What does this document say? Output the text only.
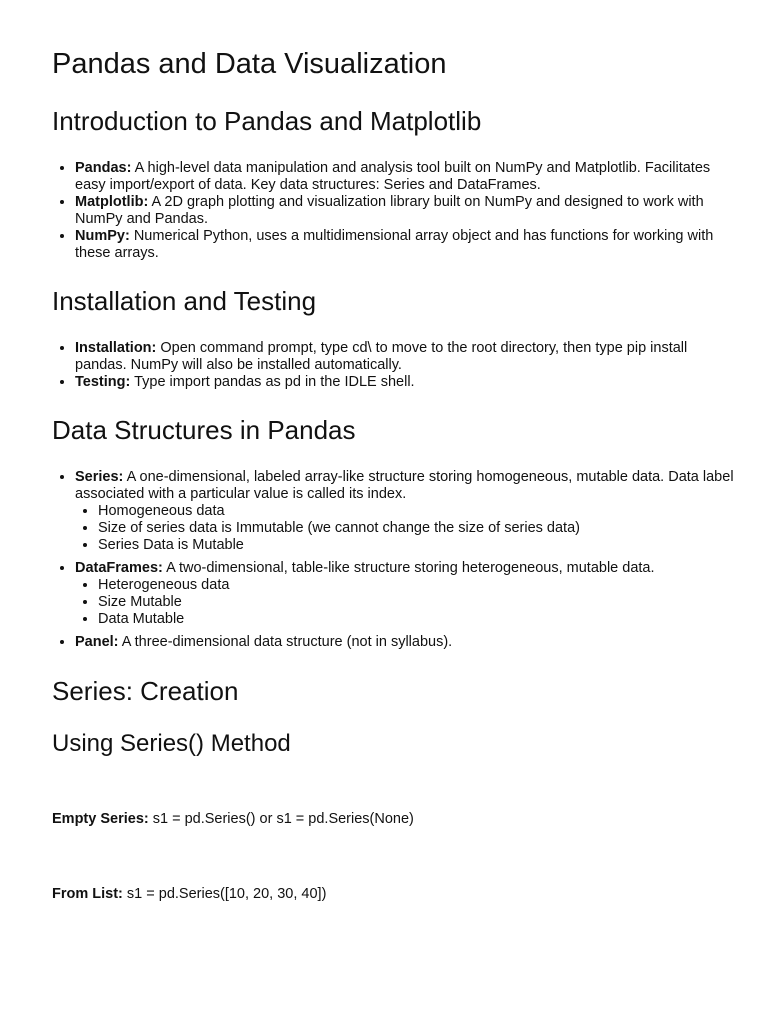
Pandas and Data Visualization
Introduction to Pandas and Matplotlib
• Pandas: A high-level data manipulation and analysis tool built on NumPy and Matplotlib. Facilitates easy import/export of data. Key data structures: Series and DataFrames.
• Matplotlib: A 2D graph plotting and visualization library built on NumPy and designed to work with NumPy and Pandas.
• NumPy: Numerical Python, uses a multidimensional array object and has functions for working with these arrays.
Installation and Testing
• Installation: Open command prompt, type cd\ to move to the root directory, then type pip install pandas. NumPy will also be installed automatically.
• Testing: Type import pandas as pd in the IDLE shell.
Data Structures in Pandas
• Series: A one-dimensional, labeled array-like structure storing homogeneous, mutable data. Data label associated with a particular value is called its index.
• Homogeneous data
• Size of series data is Immutable (we cannot change the size of series data)
• Series Data is Mutable
• DataFrames: A two-dimensional, table-like structure storing heterogeneous, mutable data.
• Heterogeneous data
• Size Mutable
• Data Mutable
• Panel: A three-dimensional data structure (not in syllabus).
Series: Creation
Using Series() Method

Empty Series: s1 = pd.Series() or s1 = pd.Series(None)

From List: s1 = pd.Series([10, 20, 30, 40])
